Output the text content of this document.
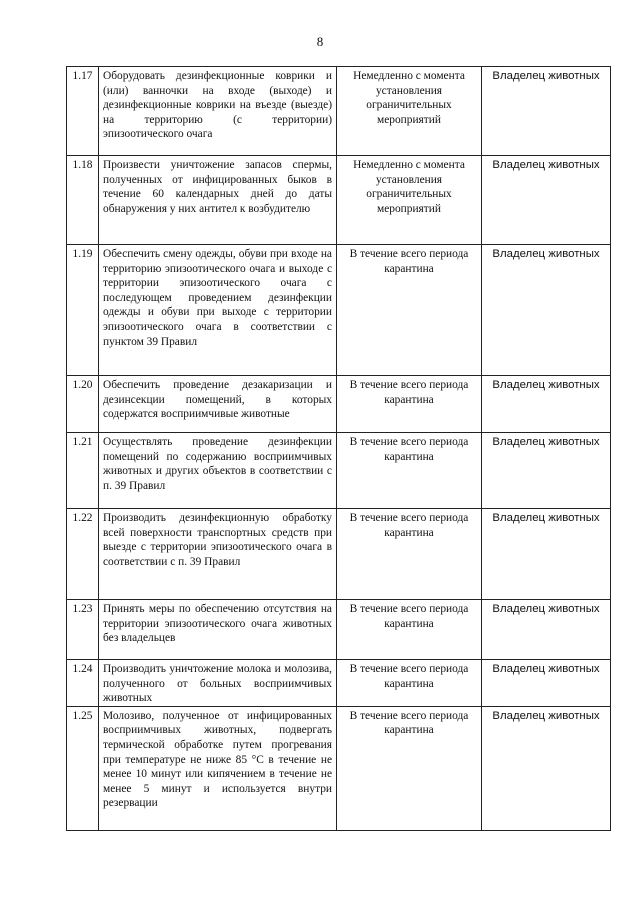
8
1.17	Оборудовать дезинфекционные коврики и (или) ванночки на входе (выходе) и дезинфекционные коврики на въезде (выезде) на территорию (с территории) эпизоотического очага	Немедленно с момента установления ограничительных мероприятий	Владелец животных
1.18	Произвести уничтожение запасов спермы, полученных от инфицированных быков в течение 60 календарных дней до даты обнаружения у них антител к возбудителю	Немедленно с момента установления ограничительных мероприятий	Владелец животных
1.19	Обеспечить смену одежды, обуви при входе на территорию эпизоотического очага и выходе с территории эпизоотического очага с последующем проведением дезинфекции одежды и обуви при выходе с территории эпизоотического очага в соответствии с пунктом 39 Правил	В течение всего периода карантина	Владелец животных
1.20	Обеспечить проведение дезакаризации и дезинсекции помещений, в которых содержатся восприимчивые животные	В течение всего периода карантина	Владелец животных
1.21	Осуществлять проведение дезинфекции помещений по содержанию восприимчивых животных и других объектов в соответствии с п. 39 Правил	В течение всего периода карантина	Владелец животных
1.22	Производить дезинфекционную обработку всей поверхности транспортных средств при выезде с территории эпизоотического очага в соответствии с п. 39 Правил	В течение всего периода карантина	Владелец животных
1.23	Принять меры по обеспечению отсутствия на территории эпизоотического очага животных без владельцев	В течение всего периода карантина	Владелец животных
1.24	Производить уничтожение молока и молозива, полученного от больных восприимчивых животных	В течение всего периода карантина	Владелец животных
1.25	Молозиво, полученное от инфицированных восприимчивых животных, подвергать термической обработке путем прогревания при температуре не ниже 85 °С в течение не менее 10 минут или кипячением в течение не менее 5 минут и используется внутри резервации	В течение всего периода карантина	Владелец животных
